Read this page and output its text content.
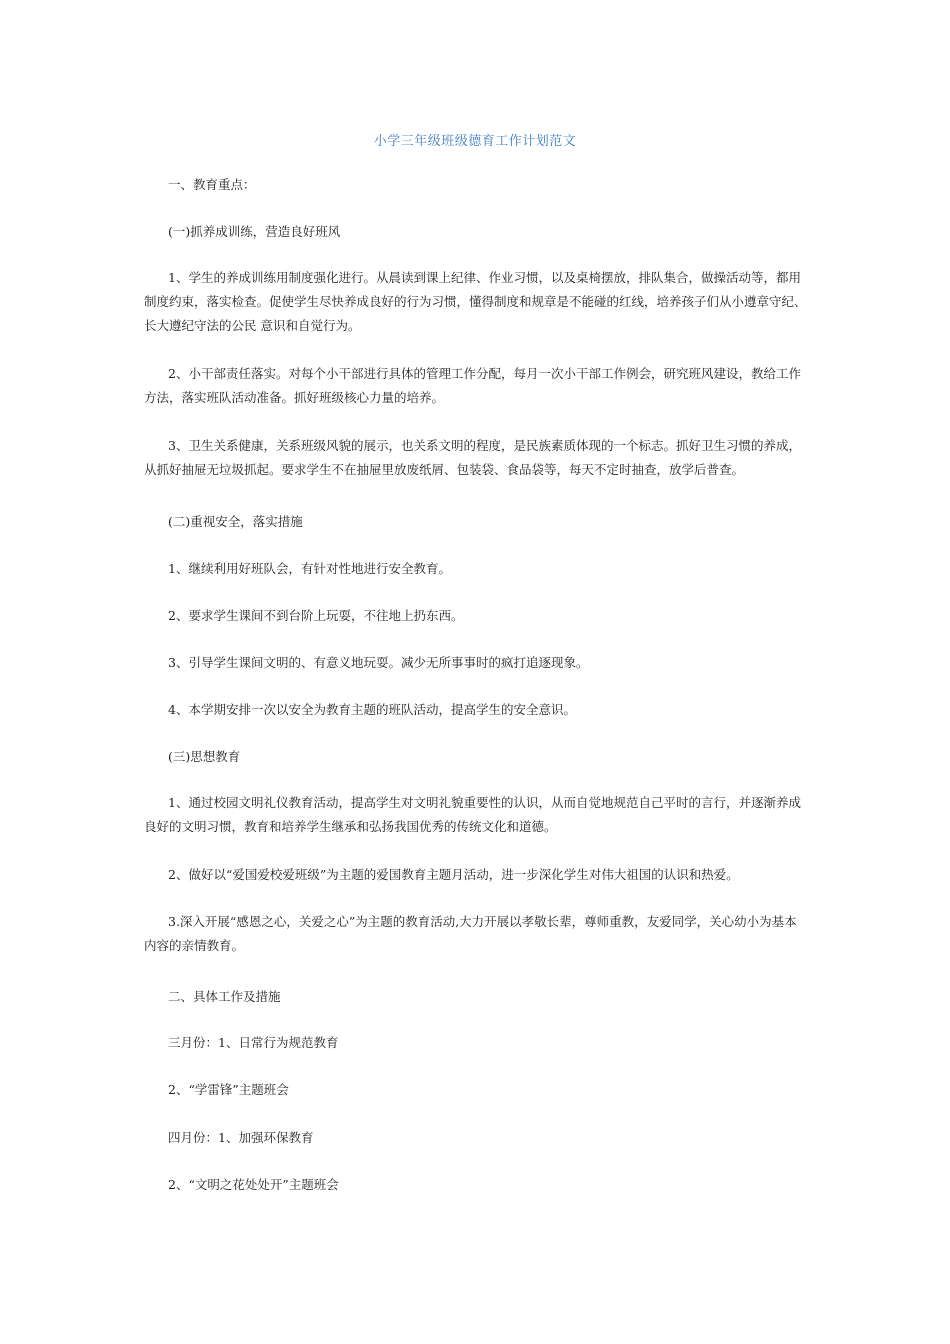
小学三年级班级德育工作计划范文

一、教育重点：

(一)抓养成训练，营造良好班风

1、学生的养成训练用制度强化进行。从晨读到课上纪律、作业习惯，以及桌椅摆放，排队集合，做操活动等，都用制度约束，落实检查。促使学生尽快养成良好的行为习惯，懂得制度和规章是不能碰的红线，培养孩子们从小遵章守纪、长大遵纪守法的公民 意识和自觉行为。

2、小干部责任落实。对每个小干部进行具体的管理工作分配，每月一次小干部工作例会，研究班风建设，教给工作方法，落实班队活动准备。抓好班级核心力量的培养。

3、卫生关系健康，关系班级风貌的展示，也关系文明的程度，是民族素质体现的一个标志。抓好卫生习惯的养成，从抓好抽屉无垃圾抓起。要求学生不在抽屉里放废纸屑、包装袋、食品袋等，每天不定时抽查，放学后普查。

(二)重视安全，落实措施

1、继续利用好班队会，有针对性地进行安全教育。

2、要求学生课间不到台阶上玩耍，不往地上扔东西。

3、引导学生课间文明的、有意义地玩耍。减少无所事事时的疯打追逐现象。

4、本学期安排一次以安全为教育主题的班队活动，提高学生的安全意识。

(三)思想教育

1、通过校园文明礼仪教育活动，提高学生对文明礼貌重要性的认识，从而自觉地规范自己平时的言行，并逐渐养成良好的文明习惯，教育和培养学生继承和弘扬我国优秀的传统文化和道德。

2、做好以“爱国爱校爱班级”为主题的爱国教育主题月活动，进一步深化学生对伟大祖国的认识和热爱。

3.深入开展“感恩之心，关爱之心”为主题的教育活动,大力开展以孝敬长辈，尊师重教，友爱同学，关心幼小为基本内容的亲情教育。

二、具体工作及措施

三月份：1、日常行为规范教育

2、“学雷锋”主题班会

四月份：1、加强环保教育

2、“文明之花处处开”主题班会
